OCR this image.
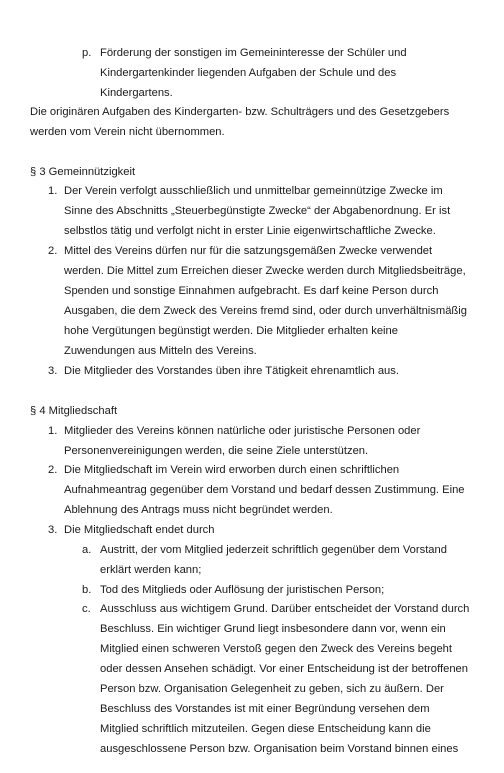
p. Förderung der sonstigen im Gemeininteresse der Schüler und
Kindergartenkinder liegenden Aufgaben der Schule und des
Kindergartens.
Die originären Aufgaben des Kindergarten- bzw. Schulträgers und des Gesetzgebers
werden vom Verein nicht übernommen.
§ 3 Gemeinnützigkeit
1. Der Verein verfolgt ausschließlich und unmittelbar gemeinnützige Zwecke im
Sinne des Abschnitts „Steuerbegünstigte Zwecke“ der Abgabenordnung. Er ist
selbstlos tätig und verfolgt nicht in erster Linie eigenwirtschaftliche Zwecke.
2. Mittel des Vereins dürfen nur für die satzungsgemäßen Zwecke verwendet
werden. Die Mittel zum Erreichen dieser Zwecke werden durch Mitgliedsbeiträge,
Spenden und sonstige Einnahmen aufgebracht. Es darf keine Person durch
Ausgaben, die dem Zweck des Vereins fremd sind, oder durch unverhältnismäßig
hohe Vergütungen begünstigt werden. Die Mitglieder erhalten keine
Zuwendungen aus Mitteln des Vereins.
3. Die Mitglieder des Vorstandes üben ihre Tätigkeit ehrenamtlich aus.
§ 4 Mitgliedschaft
1. Mitglieder des Vereins können natürliche oder juristische Personen oder
Personenvereinigungen werden, die seine Ziele unterstützen.
2. Die Mitgliedschaft im Verein wird erworben durch einen schriftlichen
Aufnahmeantrag gegenüber dem Vorstand und bedarf dessen Zustimmung. Eine
Ablehnung des Antrags muss nicht begründet werden.
3. Die Mitgliedschaft endet durch
a. Austritt, der vom Mitglied jederzeit schriftlich gegenüber dem Vorstand
erklärt werden kann;
b. Tod des Mitglieds oder Auflösung der juristischen Person;
c. Ausschluss aus wichtigem Grund. Darüber entscheidet der Vorstand durch
Beschluss. Ein wichtiger Grund liegt insbesondere dann vor, wenn ein
Mitglied einen schweren Verstoß gegen den Zweck des Vereins begeht
oder dessen Ansehen schädigt. Vor einer Entscheidung ist der betroffenen
Person bzw. Organisation Gelegenheit zu geben, sich zu äußern. Der
Beschluss des Vorstandes ist mit einer Begründung versehen dem
Mitglied schriftlich mitzuteilen. Gegen diese Entscheidung kann die
ausgeschlossene Person bzw. Organisation beim Vorstand binnen eines
